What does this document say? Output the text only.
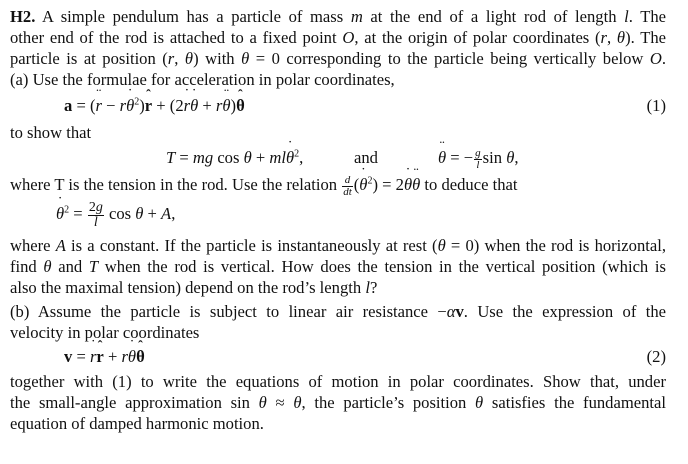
H2. A simple pendulum has a particle of mass m at the end of a light rod of length l. The
other end of the rod is attached to a fixed point O, at the origin of polar coordinates (r, θ). The
particle is at position (r, θ) with θ = 0 corresponding to the particle being vertically below O.
(a) Use the formulae for acceleration in polar coordinates,
a = (r ¨ − rθ ˙$^2$)r ˆ + (2r ˙θ ˙ + rθ ¨)θ ˆ	(1)
to show that
T = mg cos θ + mlθ ˙$^2$,	and	θ ¨ = − $\frac{g}{l}$ sin θ,
where T is the tension in the rod. Use the relation $\frac{d}{dt} (\theta$ ˙$^2$) = 2θ ˙θ ¨ to deduce that
θ ˙$^2$ = $\frac{2g}{l}$ cos θ + A,
where A is a constant. If the particle is instantaneously at rest (θ ˙ = 0) when the rod is horizontal,
find θ ˙ and T when the rod is vertical. How does the tension in the vertical position (which is
also the maximal tension) depend on the rod’s length l?
(b) Assume the particle is subject to linear air resistance −αv. Use the expression of the
velocity in polar coordinates
v = r ˙r ˆ + rθ ˙θ ˆ	(2)
together with (1) to write the equations of motion in polar coordinates. Show that, under
the small-angle approximation sin θ ≈ θ, the particle’s position θ satisfies the fundamental
equation of damped harmonic motion.
